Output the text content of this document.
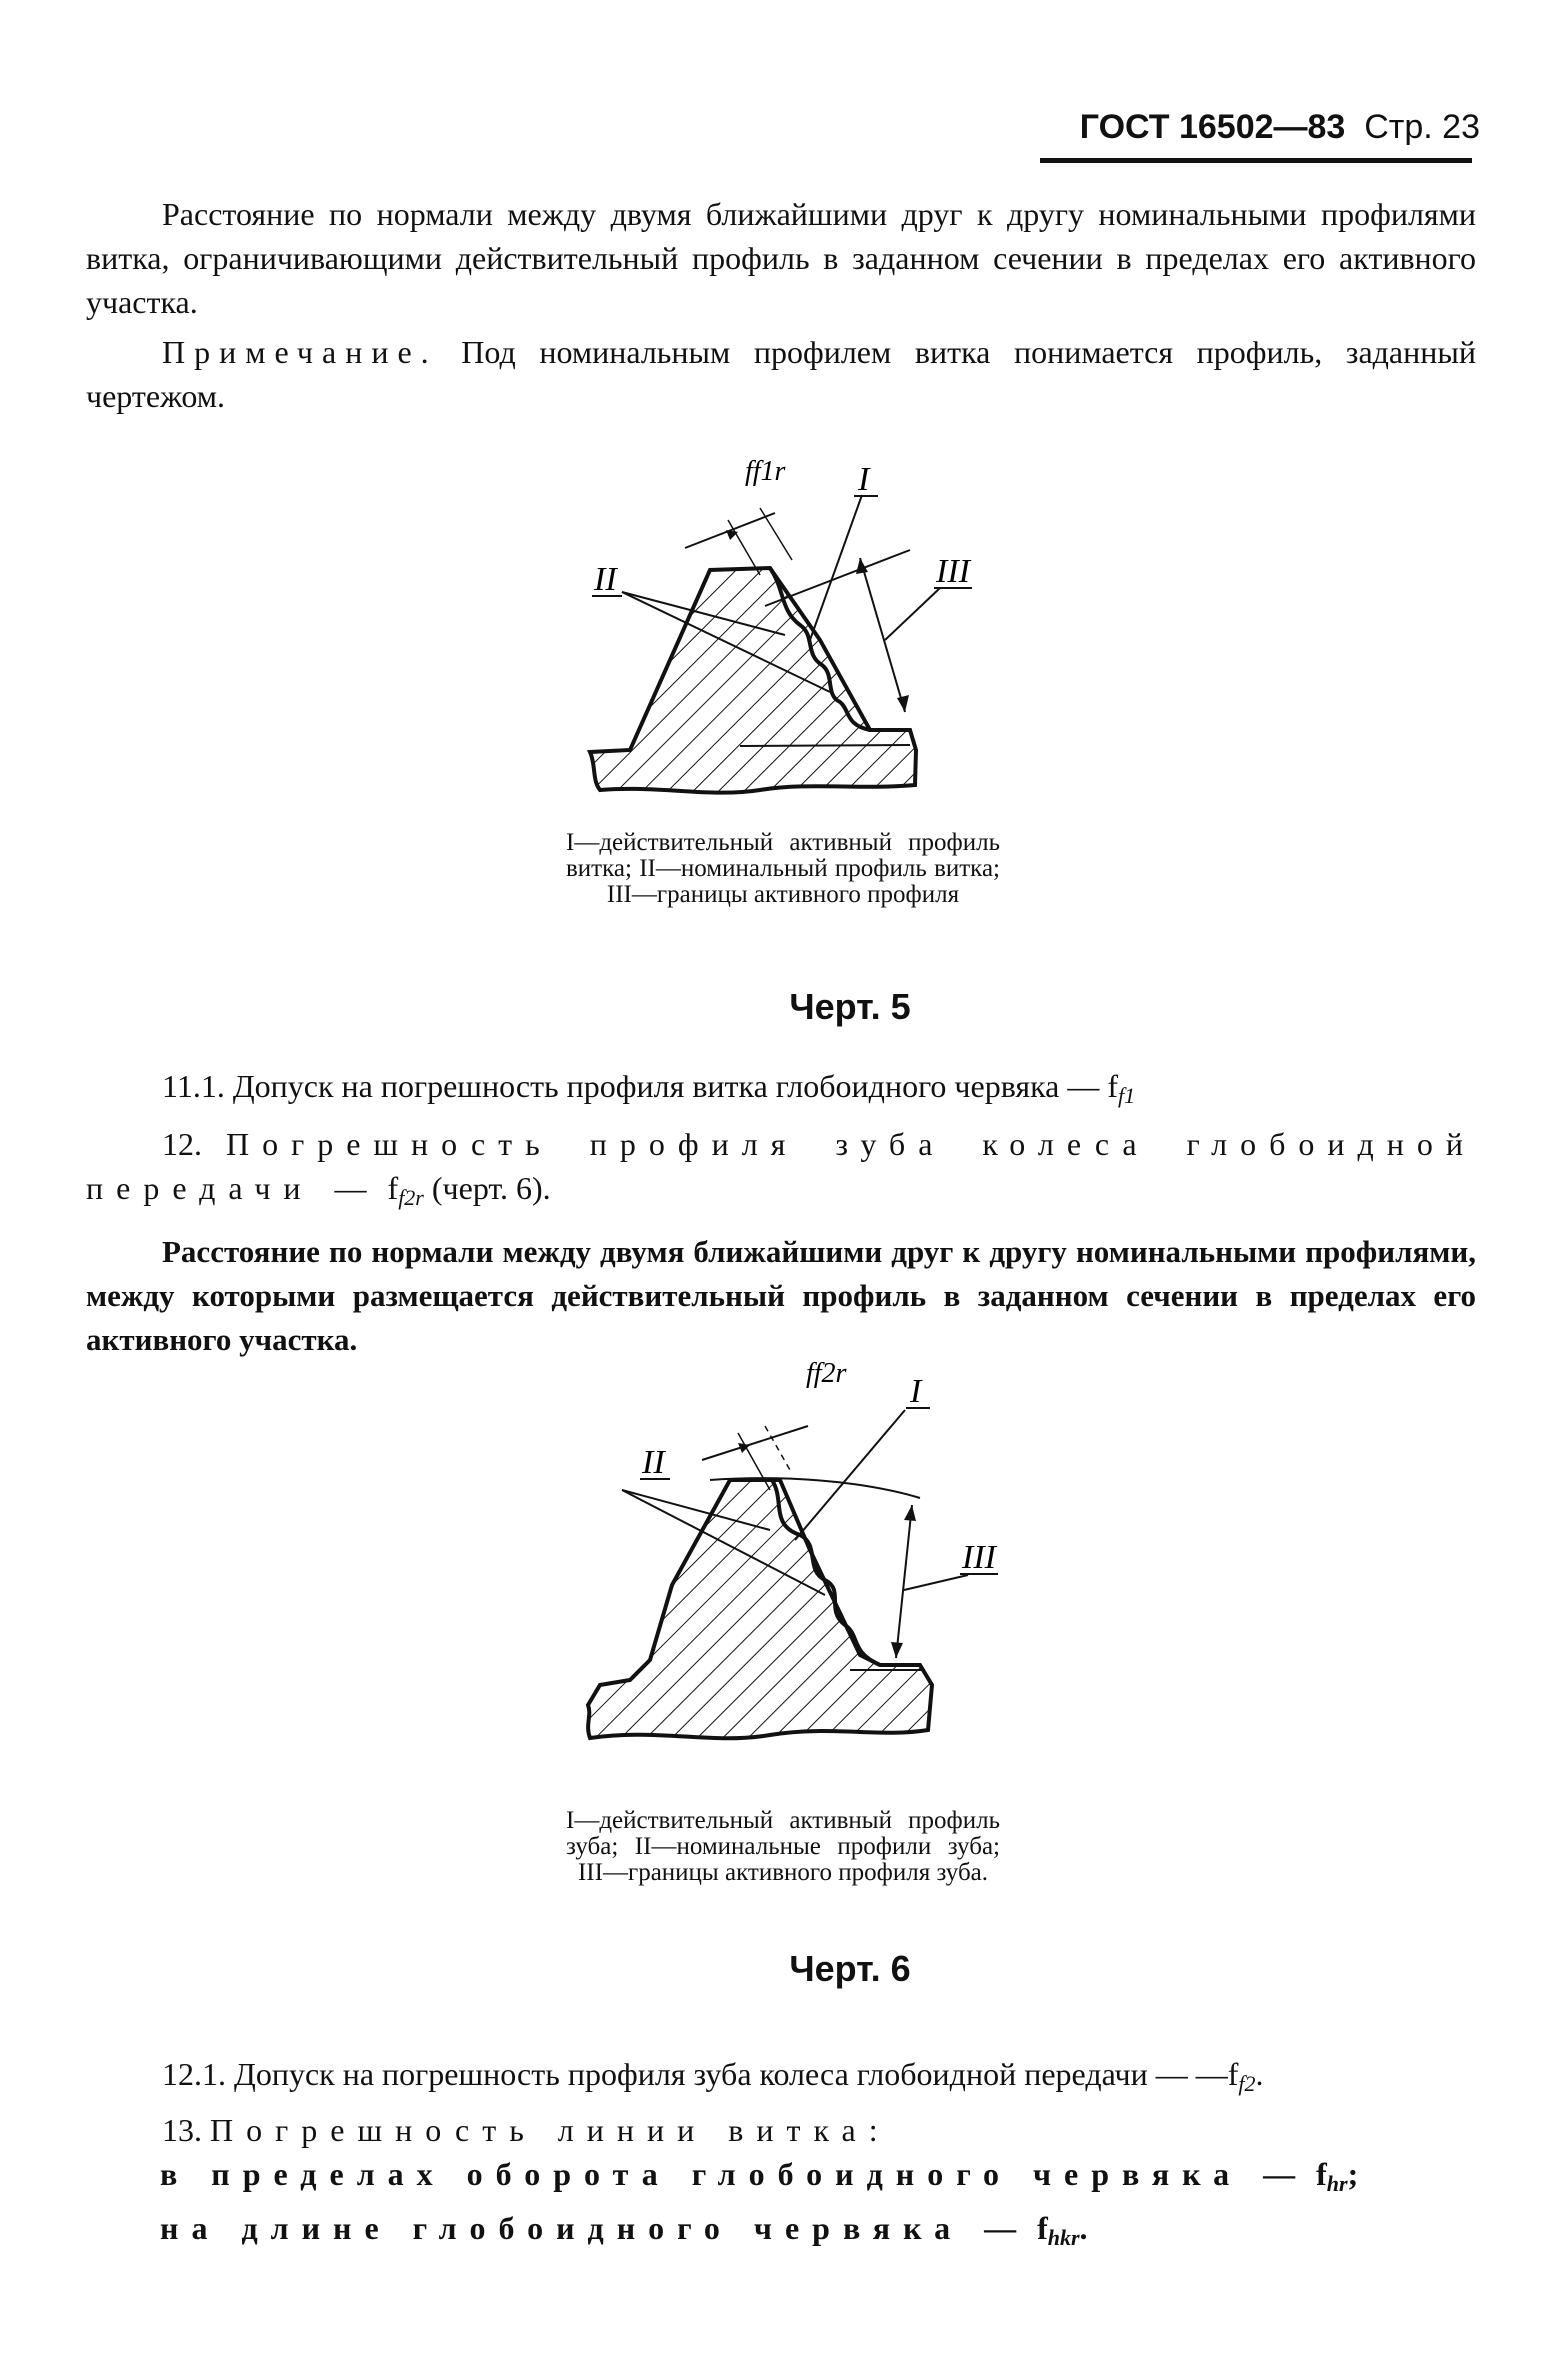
ГОСТ 16502—83 Стр. 23

Расстояние по нормали между двумя ближайшими друг к другу номинальными профилями витка, ограничивающими действительный профиль в заданном сечении в пределах его активного участка.

Примечание. Под номинальным профилем витка понимается профиль, заданный чертежом.

ff1r I
II	III

I—действительный активный профиль витка; II—номинальный профиль витка; III—границы активного профиля

Черт. 5

11.1. Допуск на погрешность профиля витка глобоидного червяка — $f_{f1}$

12. Погрешность профиля зуба колеса глобоидной передачи — $f_{f2r}$ (черт. 6).

Расстояние по нормали между двумя ближайшими друг к другу номинальными профилями, между которыми размещается действительный профиль в заданном сечении в пределах его активного участка.

ff2r I
II
III

I—действительный активный профиль зуба; II—номинальные профили зуба; III—границы активного профиля зуба.

Черт. 6

12.1. Допуск на погрешность профиля зуба колеса глобоидной передачи — $—f_{f2}$.

13. Погрешность линии витка:

в пределах оборота глобоидного червяка — $f_{hr}$;

на длине глобоидного червяка — $f_{hkr}$.
